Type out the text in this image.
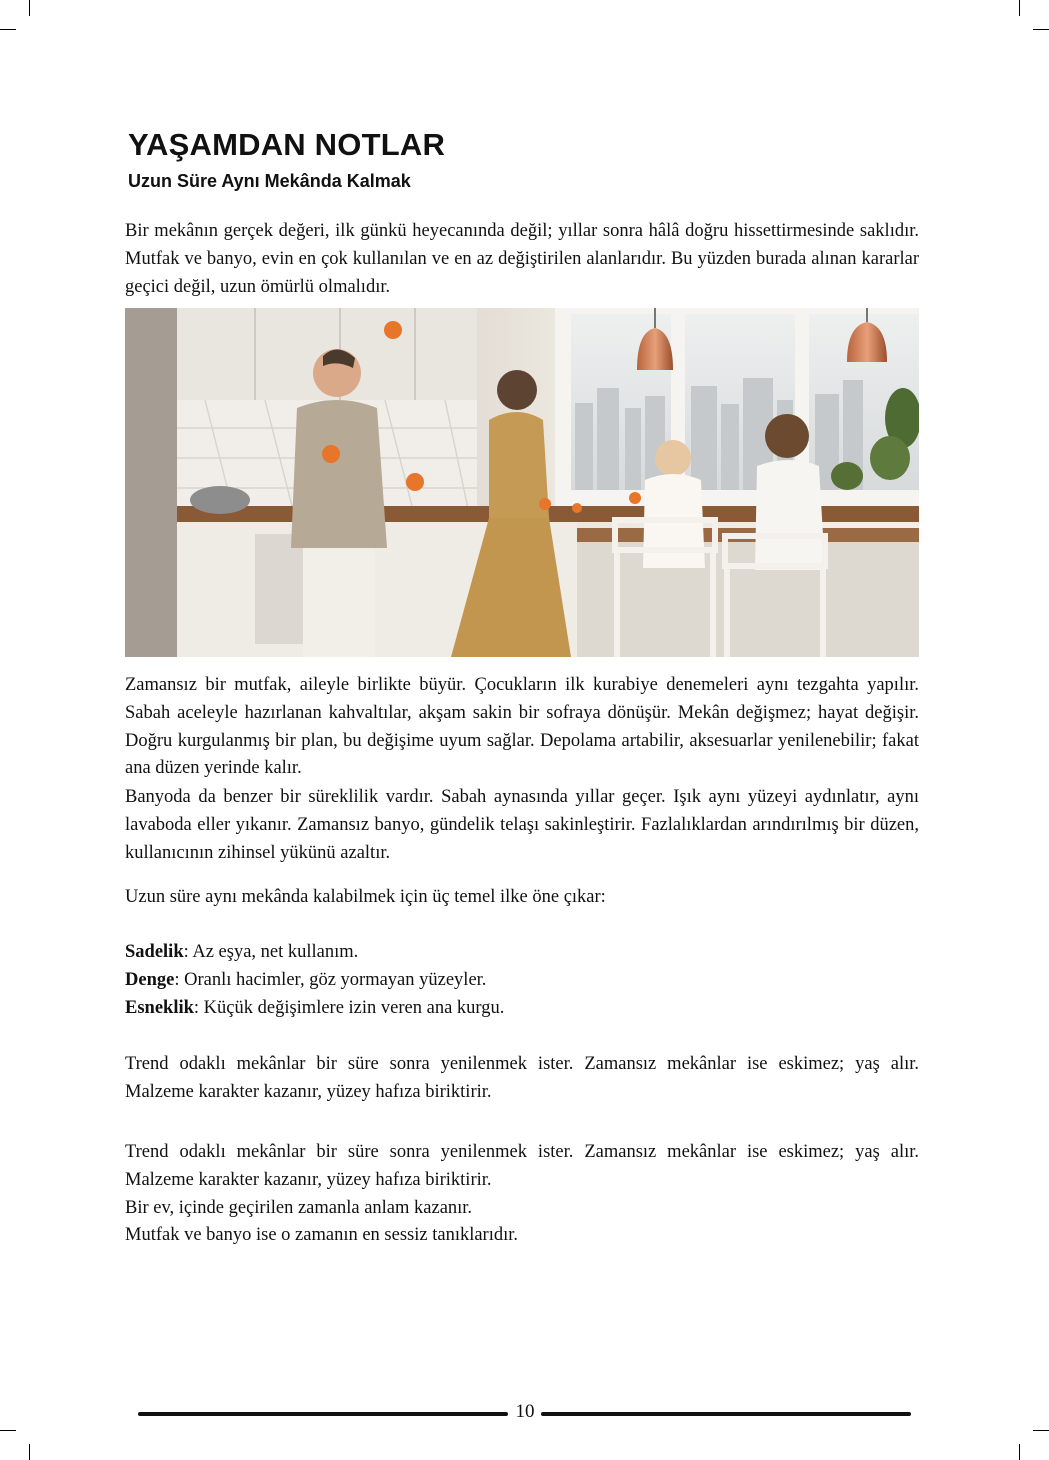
YAŞAMDAN NOTLAR
Uzun Süre Aynı Mekânda Kalmak

Bir mekânın gerçek değeri, ilk günkü heyecanında değil; yıllar sonra hâlâ doğru hissettirmesinde saklıdır. Mutfak ve banyo, evin en çok kullanılan ve en az değiştirilen alanlarıdır. Bu yüzden burada alınan kararlar geçici değil, uzun ömürlü olmalıdır.

Zamansız bir mutfak, aileyle birlikte büyür. Çocukların ilk kurabiye denemeleri aynı tezgahta yapılır. Sabah aceleyle hazırlanan kahvaltılar, akşam sakin bir sofraya dönüşür. Mekân değişmez; hayat değişir. Doğru kurgulanmış bir plan, bu değişime uyum sağlar. Depolama artabilir, aksesuarlar yenilenebilir; fakat ana düzen yerinde kalır.

Banyoda da benzer bir süreklilik vardır. Sabah aynasında yıllar geçer. Işık aynı yüzeyi aydınlatır, aynı lavaboda eller yıkanır. Zamansız banyo, gündelik telaşı sakinleştirir. Fazlalıklardan arındırılmış bir düzen, kullanıcının zihinsel yükünü azaltır.

Uzun süre aynı mekânda kalabilmek için üç temel ilke öne çıkar:
Sadelik: Az eşya, net kullanım.
Denge: Oranlı hacimler, göz yormayan yüzeyler.
Esneklik: Küçük değişimlere izin veren ana kurgu.
Trend odaklı mekânlar bir süre sonra yenilenmek ister. Zamansız mekânlar ise eskimez; yaş alır.
Malzeme karakter kazanır, yüzey hafıza biriktirir.
Trend odaklı mekânlar bir süre sonra yenilenmek ister. Zamansız mekânlar ise eskimez; yaş alır.
Malzeme karakter kazanır, yüzey hafıza biriktirir.
Bir ev, içinde geçirilen zamanla anlam kazanır.
Mutfak ve banyo ise o zamanın en sessiz tanıklarıdır.
10
